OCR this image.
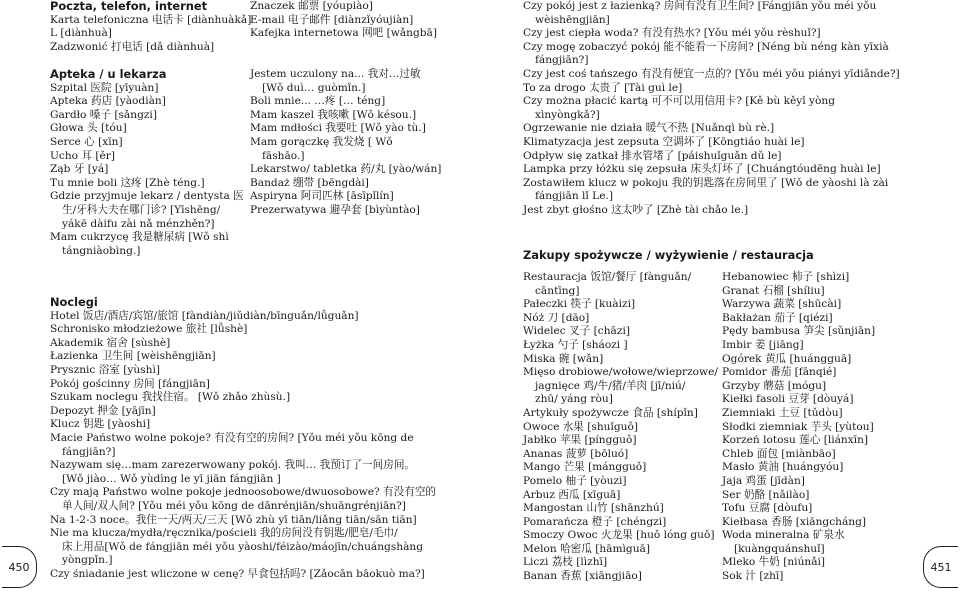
Poczta, telefon, internet
Karta telefoniczna 电话卡 [diànhuàkǎ]
L [diànhuà]
Zadzwonić 打电话 [dǎ diànhuà]
Apteka / u lekarza
Szpital 医院 [yīyuàn]
Apteka 药店 [yàodiàn]
Gardło 嗓子 [sǎngzi]
Głowa 头 [tóu]
Serce 心 [xīn]
Ucho 耳 [ěr]
Ząb 牙 [yá]
Tu mnie boli 这疼 [Zhè téng.]
Gdzie przyjmuje lekarz / dentysta 医
生/牙科大夫在哪门诊? [Yīshēng/
yákē dàifu zài nǎ ménzhěn?]
Mam cukrzycę 我是糖尿病 [Wǒ shì
tángniàobìng.]
Znaczek 邮票 [yóupiào]
E-mail 电子邮件 [diànzǐyóujiàn]
Kafejka internetowa 网吧 [wǎngbā]
Jestem uczulony na... 我对…过敏
[Wǒ duì… guòmǐn.]
Boli mnie... …疼 [… téng]
Mam kaszel 我咳嗽 [Wǒ késou.]
Mam mdłości 我要吐 [Wǒ yào tù.]
Mam gorączkę 我发烧 [ Wǒ
fāshāo.]
Lekarstwo/ tabletka 药/丸 [yào/wán]
Bandaż 绷带 [bēngdài]
Aspiryna 阿司匹林 [āsīpǐlín]
Prezerwatywa 避孕套 [bìyùntào]
Noclegi
Hotel 饭店/酒店/宾馆/旅馆 [fàndiàn/jiǔdiàn/bīnguǎn/lǚguǎn]
Schronisko młodzieżowe 旅社 [lǚshè]
Akademik 宿舍 [sùshè]
Łazienka 卫生间 [wèishēngjiān]
Prysznic 浴室 [yùshì]
Pokój gościnny 房间 [fángjiān]
Szukam noclegu 我找住宿。 [Wǒ zhǎo zhùsù.]
Depozyt 押金 [yājīn]
Klucz 钥匙 [yàoshi]
Macie Państwo wolne pokoje? 有没有空的房间? [Yǒu méi yǒu kōng de
fángjiān?]
Nazywam się…mam zarezerwowany pokój. 我叫… 我预订了一间房间。
[Wǒ jiào… Wǒ yùdìng le yī jiān fángjiān ]
Czy mają Państwo wolne pokoje jednoosobowe/dwuosobowe? 有没有空的
单人间/双人间? [Yǒu méi yǒu kōng de dānrénjiān/shuāngrénjiān?]
Na 1-2-3 noce。我住一天/两天/三天 [Wǒ zhù yī tiān/liǎng tiān/sān tiān]
Nie ma klucza/mydła/ręcznika/pościeli 我的房间没有钥匙/肥皂/毛巾/
床上用品[Wǒ de fángjiān méi yǒu yàoshi/féizào/máojīn/chuángshàng
yòngpǐn.]
Czy śniadanie jest wliczone w cenę? 早食包括吗? [Zǎocān bāokuò ma?]
450
Czy pokój jest z łazienką? 房间有没有卫生间? [Fángjiān yǒu méi yǒu
wèishēngjiān]
Czy jest ciepła woda? 有没有热水? [Yǒu méi yǒu rèshuǐ?]
Czy mogę zobaczyć pokój 能不能看一下房间? [Néng bù néng kàn yīxià
fángjiān?]
Czy jest coś tańszego 有没有便宜一点的? [Yǒu méi yǒu piányi yīdiǎnde?]
To za drogo 太贵了 [Tài guì le]
Czy można płacić kartą 可不可以用信用卡? [Kě bù kěyǐ yòng
xìnyòngkǎ?]
Ogrzewanie nie działa 暖气不热 [Nuǎnqì bù rè.]
Klimatyzacja jest zepsuta 空调坏了 [Kōngtiáo huài le]
Odpływ się zatkał 排水管堵了 [páishuǐguǎn dǔ le]
Lampka przy łóżku się zepsuła 床头灯坏了 [Chuángtóudēng huài le]
Zostawiłem klucz w pokoju 我的钥匙落在房间里了 [Wǒ de yàoshi là zài
fángjiān lǐ Le.]
Jest zbyt głośno 这太吵了 [Zhè tài chǎo le.]
Zakupy spożywcze / wyżywienie / restauracja
Restauracja 饭馆/餐厅 [fànguǎn/
cāntīng]
Pałeczki 筷子 [kuàizi]
Nóż 刀 [dāo]
Widelec 叉子 [chāzi]
Łyżka 勺子 [sháozi ]
Miska 碗 [wǎn]
Mięso drobiowe/wołowe/wieprzowe/
jagnięce 鸡/牛/猪/羊肉 [jī/niú/
zhū/ yáng ròu]
Artykuły spożywcze 食品 [shípǐn]
Owoce 水果 [shuǐguǒ]
Jabłko 苹果 [píngguǒ]
Ananas 菠萝 [bōluó]
Mango 芒果 [mángguǒ]
Pomelo 柚子 [yòuzi]
Arbuz 西瓜 [xīguā]
Mangostan 山竹 [shānzhú]
Pomarańcza 橙子 [chéngzi]
Smoczy Owoc 火龙果 [huǒ lóng guǒ]
Melon 哈密瓜 [hāmìguā]
Liczi 荔枝 [lìzhī]
Banan 香蕉 [xiāngjiāo]
Hebanowiec 柿子 [shìzi]
Granat 石榴 [shíliu]
Warzywa 蔬菜 [shūcài]
Bakłażan 茄子 [qiézi]
Pędy bambusa 笋尖 [sǔnjiān]
Imbir 姜 [jiāng]
Ogórek 黄瓜 [huángguā]
Pomidor 番茄 [fānqié]
Grzyby 蘑菇 [mógu]
Kiełki fasoli 豆芽 [dòuyá]
Ziemniaki 土豆 [tǔdòu]
Słodki ziemniak 芋头 [yùtou]
Korzeń lotosu 莲心 [liánxīn]
Chleb 面包 [miànbāo]
Masło 黄油 [huángyóu]
Jaja 鸡蛋 [jīdàn]
Ser 奶酪 [nǎilào]
Tofu 豆腐 [dòufu]
Kiełbasa 香肠 [xiāngcháng]
Woda mineralna 矿泉水
[kuàngquánshuǐ]
Mleko 牛奶 [niúnǎi]
Sok 汁 [zhī]
451
